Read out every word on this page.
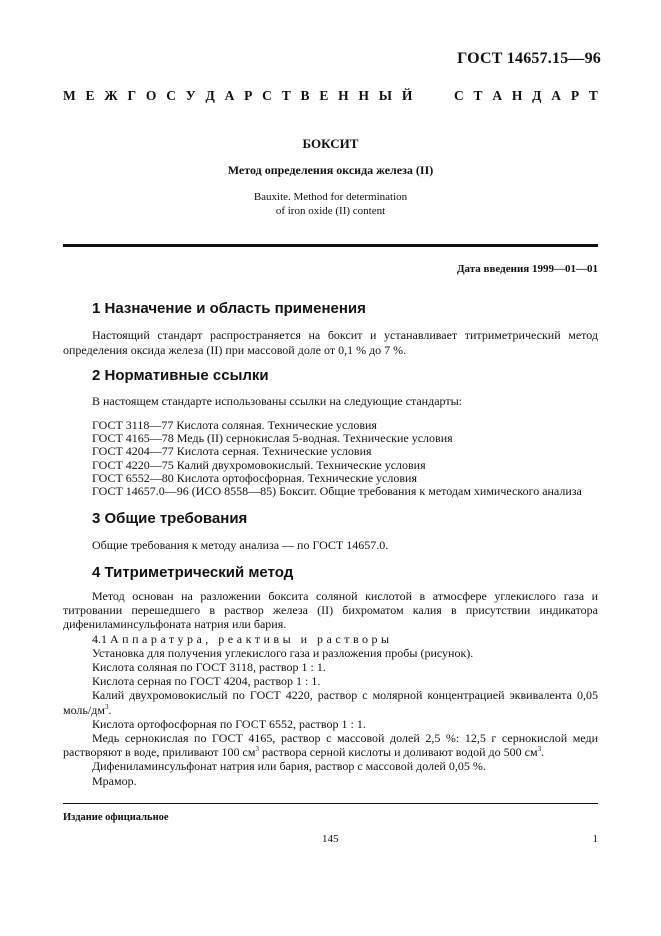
ГОСТ 14657.15—96
М Е Ж Г О С У Д А Р С Т В Е Н Н Ы Й	С Т А Н Д А Р Т
БОКСИТ
Метод определения оксида железа (II)
Bauxite. Method for determination
of iron oxide (II) content
Дата введения 1999—01—01
1 Назначение и область применения
Настоящий стандарт распространяется на боксит и устанавливает титриметрический метод определения оксида железа (II) при массовой доле от 0,1 % до 7 %.
2 Нормативные ссылки
В настоящем стандарте использованы ссылки на следующие стандарты:
ГОСТ 3118—77 Кислота соляная. Технические условия
ГОСТ 4165—78 Медь (II) сернокислая 5-водная. Технические условия
ГОСТ 4204—77 Кислота серная. Технические условия
ГОСТ 4220—75 Калий двухромовокислый. Технические условия
ГОСТ 6552—80 Кислота ортофосфорная. Технические условия
ГОСТ 14657.0—96 (ИСО 8558—85) Боксит. Общие требования к методам химического анализа
3 Общие требования
Общие требования к методу анализа — по ГОСТ 14657.0.
4 Титриметрический метод
Метод основан на разложении боксита соляной кислотой в атмосфере углекислого газа и титровании перешедшего в раствор железа (II) бихроматом калия в присутствии индикатора дифениламинсульфоната натрия или бария.
4.1 Аппаратура, реактивы и растворы
Установка для получения углекислого газа и разложения пробы (рисунок).
Кислота соляная по ГОСТ 3118, раствор 1 : 1.
Кислота серная по ГОСТ 4204, раствор 1 : 1.
Калий двухромовокислый по ГОСТ 4220, раствор с молярной концентрацией эквивалента 0,05 моль/$дм^3$.
Кислота ортофосфорная по ГОСТ 6552, раствор 1 : 1.
Медь сернокислая по ГОСТ 4165, раствор с массовой долей 2,5 %: 12,5 г сернокислой меди растворяют в воде, приливают 100 $см^3$ раствора серной кислоты и доливают водой до 500 $см^3$.
Дифениламинсульфонат натрия или бария, раствор с массовой долей 0,05 %.
Мрамор.
Издание официальное
145	1
